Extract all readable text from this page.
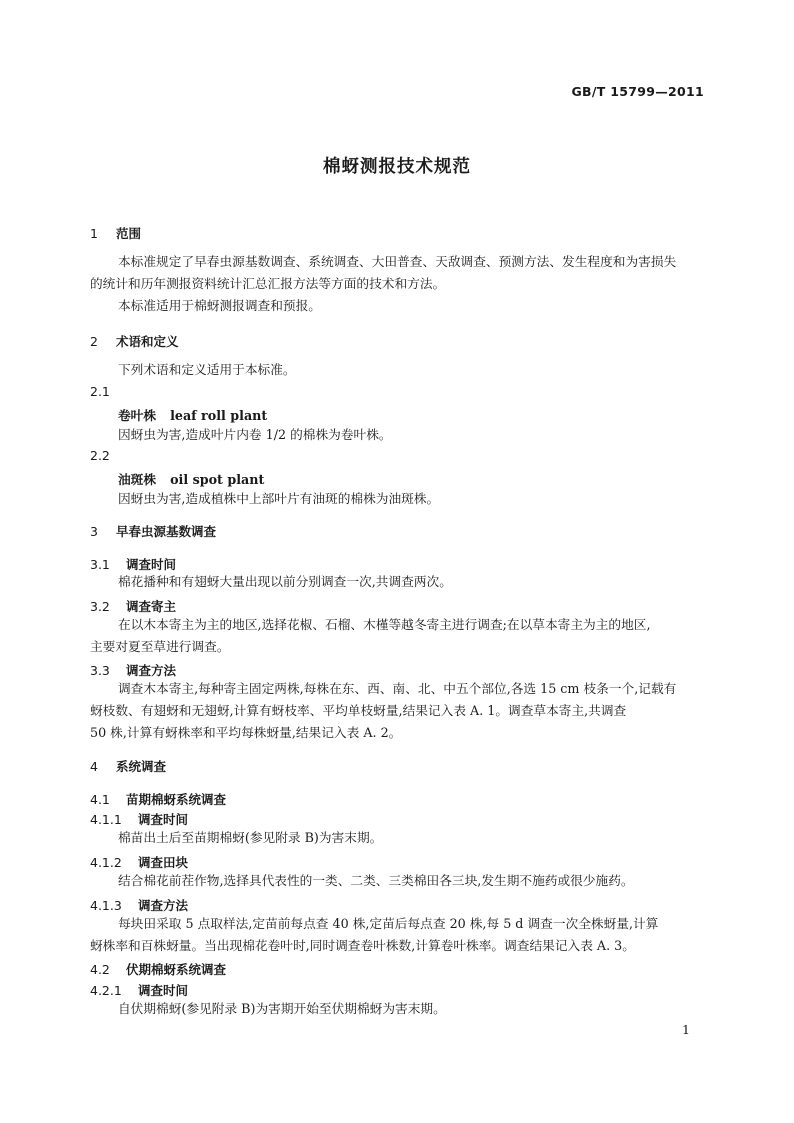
GB/T 15799—2011
棉蚜测报技术规范
1 范围
本标准规定了早春虫源基数调查、系统调查、大田普查、天敌调查、预测方法、发生程度和为害损失
的统计和历年测报资料统计汇总汇报方法等方面的技术和方法。
本标准适用于棉蚜测报调查和预报。
2 术语和定义
下列术语和定义适用于本标准。
2.1
卷叶株 leaf roll plant
因蚜虫为害,造成叶片内卷 1/2 的棉株为卷叶株。
2.2
油斑株 oil spot plant
因蚜虫为害,造成植株中上部叶片有油斑的棉株为油斑株。
3 早春虫源基数调查
3.1 调查时间
棉花播种和有翅蚜大量出现以前分别调查一次,共调查两次。
3.2 调查寄主
在以木本寄主为主的地区,选择花椒、石榴、木槿等越冬寄主进行调查;在以草本寄主为主的地区,
主要对夏至草进行调查。
3.3 调查方法
调查木本寄主,每种寄主固定两株,每株在东、西、南、北、中五个部位,各选 15 cm 枝条一个,记载有
蚜枝数、有翅蚜和无翅蚜,计算有蚜枝率、平均单枝蚜量,结果记入表 A. 1。调查草本寄主,共调查
50 株,计算有蚜株率和平均每株蚜量,结果记入表 A. 2。
4 系统调查
4.1 苗期棉蚜系统调查
4.1.1 调查时间
棉苗出土后至苗期棉蚜(参见附录 B)为害末期。
4.1.2 调查田块
结合棉花前茬作物,选择具代表性的一类、二类、三类棉田各三块,发生期不施药或很少施药。
4.1.3 调查方法
每块田采取 5 点取样法,定苗前每点查 40 株,定苗后每点查 20 株,每 5 d 调查一次全株蚜量,计算
蚜株率和百株蚜量。当出现棉花卷叶时,同时调查卷叶株数,计算卷叶株率。调查结果记入表 A. 3。
4.2 伏期棉蚜系统调查
4.2.1 调查时间
自伏期棉蚜(参见附录 B)为害期开始至伏期棉蚜为害末期。
1
